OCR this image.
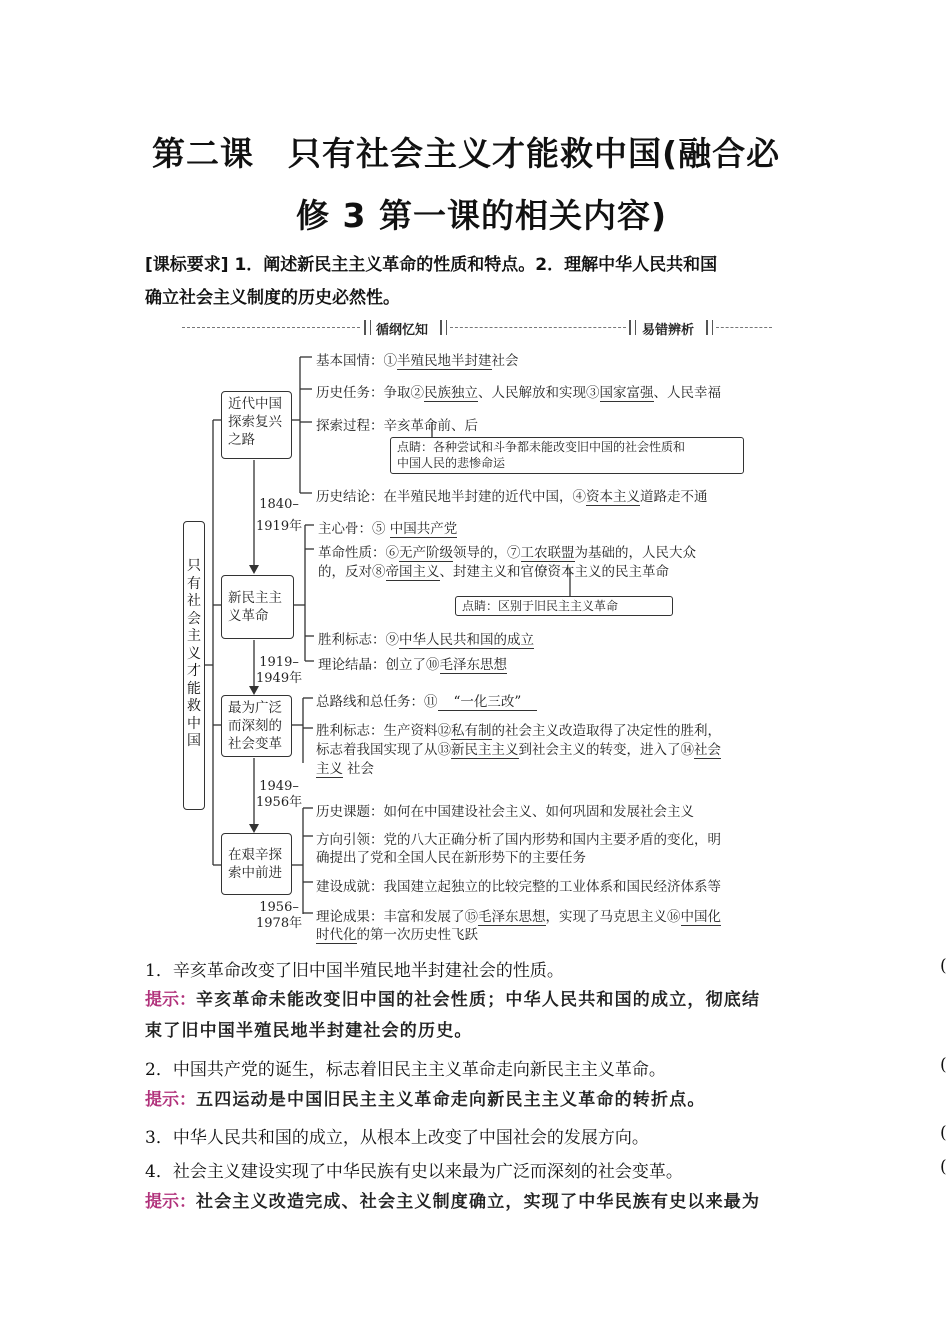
第二课　只有社会主义才能救中国(融合必
修 3 第一课的相关内容)
[课标要求] 1．阐述新民主主义革命的性质和特点。2．理解中华人民共和国
确立社会主义制度的历史必然性。
循纲忆知	易错辨析
只有社会主义才能救中国
近代中国
探索复兴
之路
新民主主
义革命
最为广泛
而深刻的
社会变革
在艰辛探
索中前进
1840–
1919年
1919–
1949年
1949–
1956年
1956–
1978年
基本国情：①半殖民地半封建社会
历史任务：争取②民族独立、人民解放和实现③国家富强、人民幸福
探索过程：辛亥革命前、后
点睛：各种尝试和斗争都未能改变旧中国的社会性质和
中国人民的悲惨命运
历史结论：在半殖民地半封建的近代中国，④资本主义道路走不通
主心骨：⑤ 中国共产党
革命性质：⑥无产阶级领导的，⑦工农联盟为基础的，人民大众
的，反对⑧帝国主义、封建主义和官僚资本主义的民主革命
点睛：区别于旧民主主义革命
胜利标志：⑨中华人民共和国的成立
理论结晶：创立了⑩毛泽东思想
总路线和总任务：⑪ “一化三改”
胜利标志：生产资料⑫私有制的社会主义改造取得了决定性的胜利，
标志着我国实现了从⑬新民主主义到社会主义的转变，进入了⑭社会
主义 社会
历史课题：如何在中国建设社会主义、如何巩固和发展社会主义
方向引领：党的八大正确分析了国内形势和国内主要矛盾的变化，明
确提出了党和全国人民在新形势下的主要任务
建设成就：我国建立起独立的比较完整的工业体系和国民经济体系等
理论成果：丰富和发展了⑮毛泽东思想，实现了马克思主义⑯中国化
时代化的第一次历史性飞跃
1．辛亥革命改变了旧中国半殖民地半封建社会的性质。	(
提示：辛亥革命未能改变旧中国的社会性质；中华人民共和国的成立，彻底结
束了旧中国半殖民地半封建社会的历史。
2．中国共产党的诞生，标志着旧民主主义革命走向新民主主义革命。	(
提示：五四运动是中国旧民主主义革命走向新民主主义革命的转折点。
3．中华人民共和国的成立，从根本上改变了中国社会的发展方向。	(
4．社会主义建设实现了中华民族有史以来最为广泛而深刻的社会变革。	(
提示：社会主义改造完成、社会主义制度确立，实现了中华民族有史以来最为
